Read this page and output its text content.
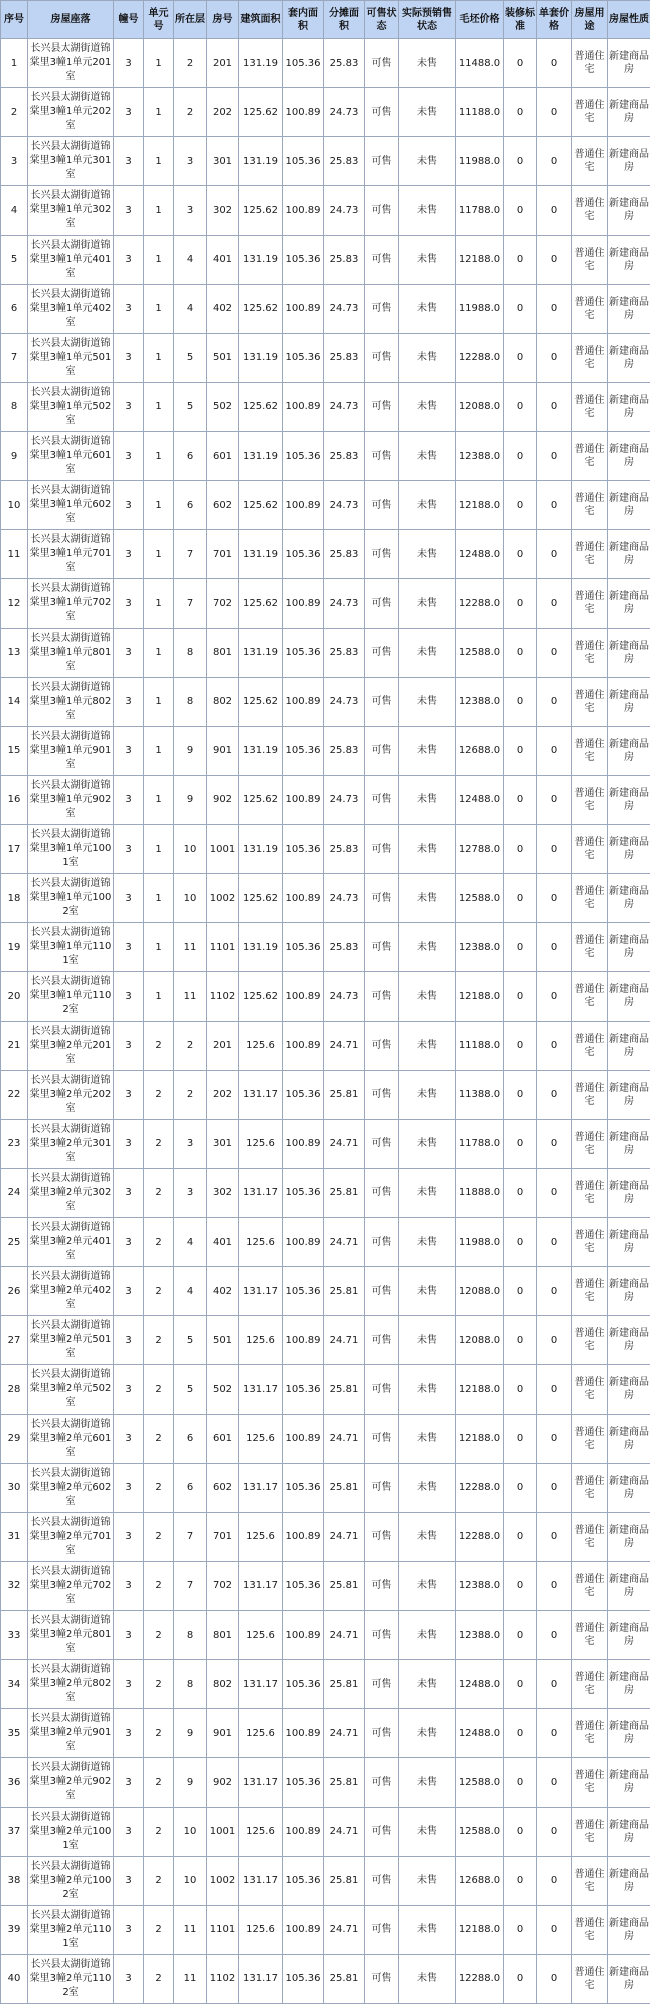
序号	房屋座落	幢号	单元号	所在层	房号	建筑面积	套内面积	分摊面积	可售状态	实际预销售状态	毛坯价格	装修标准	单套价格	房屋用途	房屋性质
1	长兴县太湖街道锦棠里3幢1单元201室	3	1	2	201	131.19	105.36	25.83	可售	未售	11488.0	0	0	普通住宅	新建商品房
2	长兴县太湖街道锦棠里3幢1单元202室	3	1	2	202	125.62	100.89	24.73	可售	未售	11188.0	0	0	普通住宅	新建商品房
3	长兴县太湖街道锦棠里3幢1单元301室	3	1	3	301	131.19	105.36	25.83	可售	未售	11988.0	0	0	普通住宅	新建商品房
4	长兴县太湖街道锦棠里3幢1单元302室	3	1	3	302	125.62	100.89	24.73	可售	未售	11788.0	0	0	普通住宅	新建商品房
5	长兴县太湖街道锦棠里3幢1单元401室	3	1	4	401	131.19	105.36	25.83	可售	未售	12188.0	0	0	普通住宅	新建商品房
6	长兴县太湖街道锦棠里3幢1单元402室	3	1	4	402	125.62	100.89	24.73	可售	未售	11988.0	0	0	普通住宅	新建商品房
7	长兴县太湖街道锦棠里3幢1单元501室	3	1	5	501	131.19	105.36	25.83	可售	未售	12288.0	0	0	普通住宅	新建商品房
8	长兴县太湖街道锦棠里3幢1单元502室	3	1	5	502	125.62	100.89	24.73	可售	未售	12088.0	0	0	普通住宅	新建商品房
9	长兴县太湖街道锦棠里3幢1单元601室	3	1	6	601	131.19	105.36	25.83	可售	未售	12388.0	0	0	普通住宅	新建商品房
10	长兴县太湖街道锦棠里3幢1单元602室	3	1	6	602	125.62	100.89	24.73	可售	未售	12188.0	0	0	普通住宅	新建商品房
11	长兴县太湖街道锦棠里3幢1单元701室	3	1	7	701	131.19	105.36	25.83	可售	未售	12488.0	0	0	普通住宅	新建商品房
12	长兴县太湖街道锦棠里3幢1单元702室	3	1	7	702	125.62	100.89	24.73	可售	未售	12288.0	0	0	普通住宅	新建商品房
13	长兴县太湖街道锦棠里3幢1单元801室	3	1	8	801	131.19	105.36	25.83	可售	未售	12588.0	0	0	普通住宅	新建商品房
14	长兴县太湖街道锦棠里3幢1单元802室	3	1	8	802	125.62	100.89	24.73	可售	未售	12388.0	0	0	普通住宅	新建商品房
15	长兴县太湖街道锦棠里3幢1单元901室	3	1	9	901	131.19	105.36	25.83	可售	未售	12688.0	0	0	普通住宅	新建商品房
16	长兴县太湖街道锦棠里3幢1单元902室	3	1	9	902	125.62	100.89	24.73	可售	未售	12488.0	0	0	普通住宅	新建商品房
17	长兴县太湖街道锦棠里3幢1单元1001室	3	1	10	1001	131.19	105.36	25.83	可售	未售	12788.0	0	0	普通住宅	新建商品房
18	长兴县太湖街道锦棠里3幢1单元1002室	3	1	10	1002	125.62	100.89	24.73	可售	未售	12588.0	0	0	普通住宅	新建商品房
19	长兴县太湖街道锦棠里3幢1单元1101室	3	1	11	1101	131.19	105.36	25.83	可售	未售	12388.0	0	0	普通住宅	新建商品房
20	长兴县太湖街道锦棠里3幢1单元1102室	3	1	11	1102	125.62	100.89	24.73	可售	未售	12188.0	0	0	普通住宅	新建商品房
21	长兴县太湖街道锦棠里3幢2单元201室	3	2	2	201	125.6	100.89	24.71	可售	未售	11188.0	0	0	普通住宅	新建商品房
22	长兴县太湖街道锦棠里3幢2单元202室	3	2	2	202	131.17	105.36	25.81	可售	未售	11388.0	0	0	普通住宅	新建商品房
23	长兴县太湖街道锦棠里3幢2单元301室	3	2	3	301	125.6	100.89	24.71	可售	未售	11788.0	0	0	普通住宅	新建商品房
24	长兴县太湖街道锦棠里3幢2单元302室	3	2	3	302	131.17	105.36	25.81	可售	未售	11888.0	0	0	普通住宅	新建商品房
25	长兴县太湖街道锦棠里3幢2单元401室	3	2	4	401	125.6	100.89	24.71	可售	未售	11988.0	0	0	普通住宅	新建商品房
26	长兴县太湖街道锦棠里3幢2单元402室	3	2	4	402	131.17	105.36	25.81	可售	未售	12088.0	0	0	普通住宅	新建商品房
27	长兴县太湖街道锦棠里3幢2单元501室	3	2	5	501	125.6	100.89	24.71	可售	未售	12088.0	0	0	普通住宅	新建商品房
28	长兴县太湖街道锦棠里3幢2单元502室	3	2	5	502	131.17	105.36	25.81	可售	未售	12188.0	0	0	普通住宅	新建商品房
29	长兴县太湖街道锦棠里3幢2单元601室	3	2	6	601	125.6	100.89	24.71	可售	未售	12188.0	0	0	普通住宅	新建商品房
30	长兴县太湖街道锦棠里3幢2单元602室	3	2	6	602	131.17	105.36	25.81	可售	未售	12288.0	0	0	普通住宅	新建商品房
31	长兴县太湖街道锦棠里3幢2单元701室	3	2	7	701	125.6	100.89	24.71	可售	未售	12288.0	0	0	普通住宅	新建商品房
32	长兴县太湖街道锦棠里3幢2单元702室	3	2	7	702	131.17	105.36	25.81	可售	未售	12388.0	0	0	普通住宅	新建商品房
33	长兴县太湖街道锦棠里3幢2单元801室	3	2	8	801	125.6	100.89	24.71	可售	未售	12388.0	0	0	普通住宅	新建商品房
34	长兴县太湖街道锦棠里3幢2单元802室	3	2	8	802	131.17	105.36	25.81	可售	未售	12488.0	0	0	普通住宅	新建商品房
35	长兴县太湖街道锦棠里3幢2单元901室	3	2	9	901	125.6	100.89	24.71	可售	未售	12488.0	0	0	普通住宅	新建商品房
36	长兴县太湖街道锦棠里3幢2单元902室	3	2	9	902	131.17	105.36	25.81	可售	未售	12588.0	0	0	普通住宅	新建商品房
37	长兴县太湖街道锦棠里3幢2单元1001室	3	2	10	1001	125.6	100.89	24.71	可售	未售	12588.0	0	0	普通住宅	新建商品房
38	长兴县太湖街道锦棠里3幢2单元1002室	3	2	10	1002	131.17	105.36	25.81	可售	未售	12688.0	0	0	普通住宅	新建商品房
39	长兴县太湖街道锦棠里3幢2单元1101室	3	2	11	1101	125.6	100.89	24.71	可售	未售	12188.0	0	0	普通住宅	新建商品房
40	长兴县太湖街道锦棠里3幢2单元1102室	3	2	11	1102	131.17	105.36	25.81	可售	未售	12288.0	0	0	普通住宅	新建商品房
